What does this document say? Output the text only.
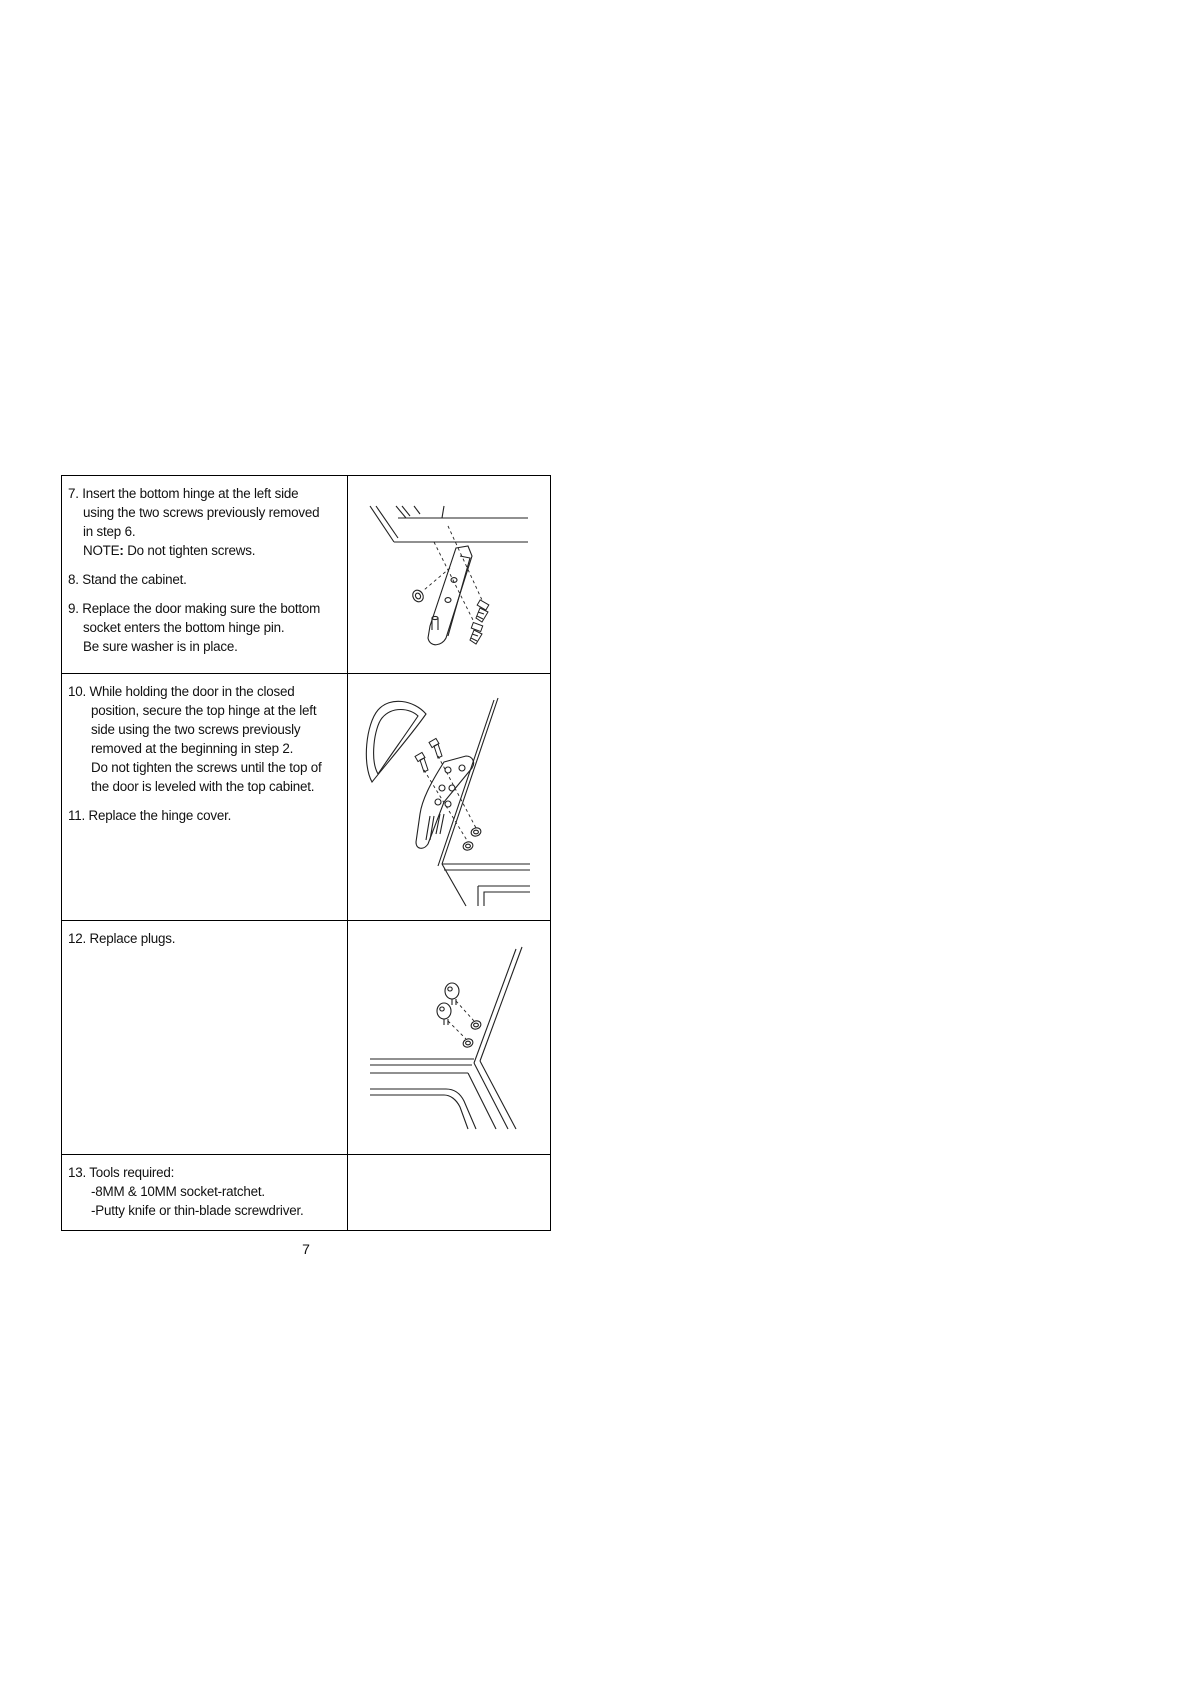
7. Insert the bottom hinge at the left side
using the two screws previously removed
in step 6.
NOTE: Do not tighten screws.
8. Stand the cabinet.
9. Replace the door making sure the bottom
socket enters the bottom hinge pin.
Be sure washer is in place.
10. While holding the door in the closed
position, secure the top hinge at the left
side using the two screws previously
removed at the beginning in step 2.
Do not tighten the screws until the top of
the door is leveled with the top cabinet.
11. Replace the hinge cover.
12. Replace plugs.
13. Tools required:
-8MM & 10MM socket-ratchet.
-Putty knife or thin-blade screwdriver.
7
